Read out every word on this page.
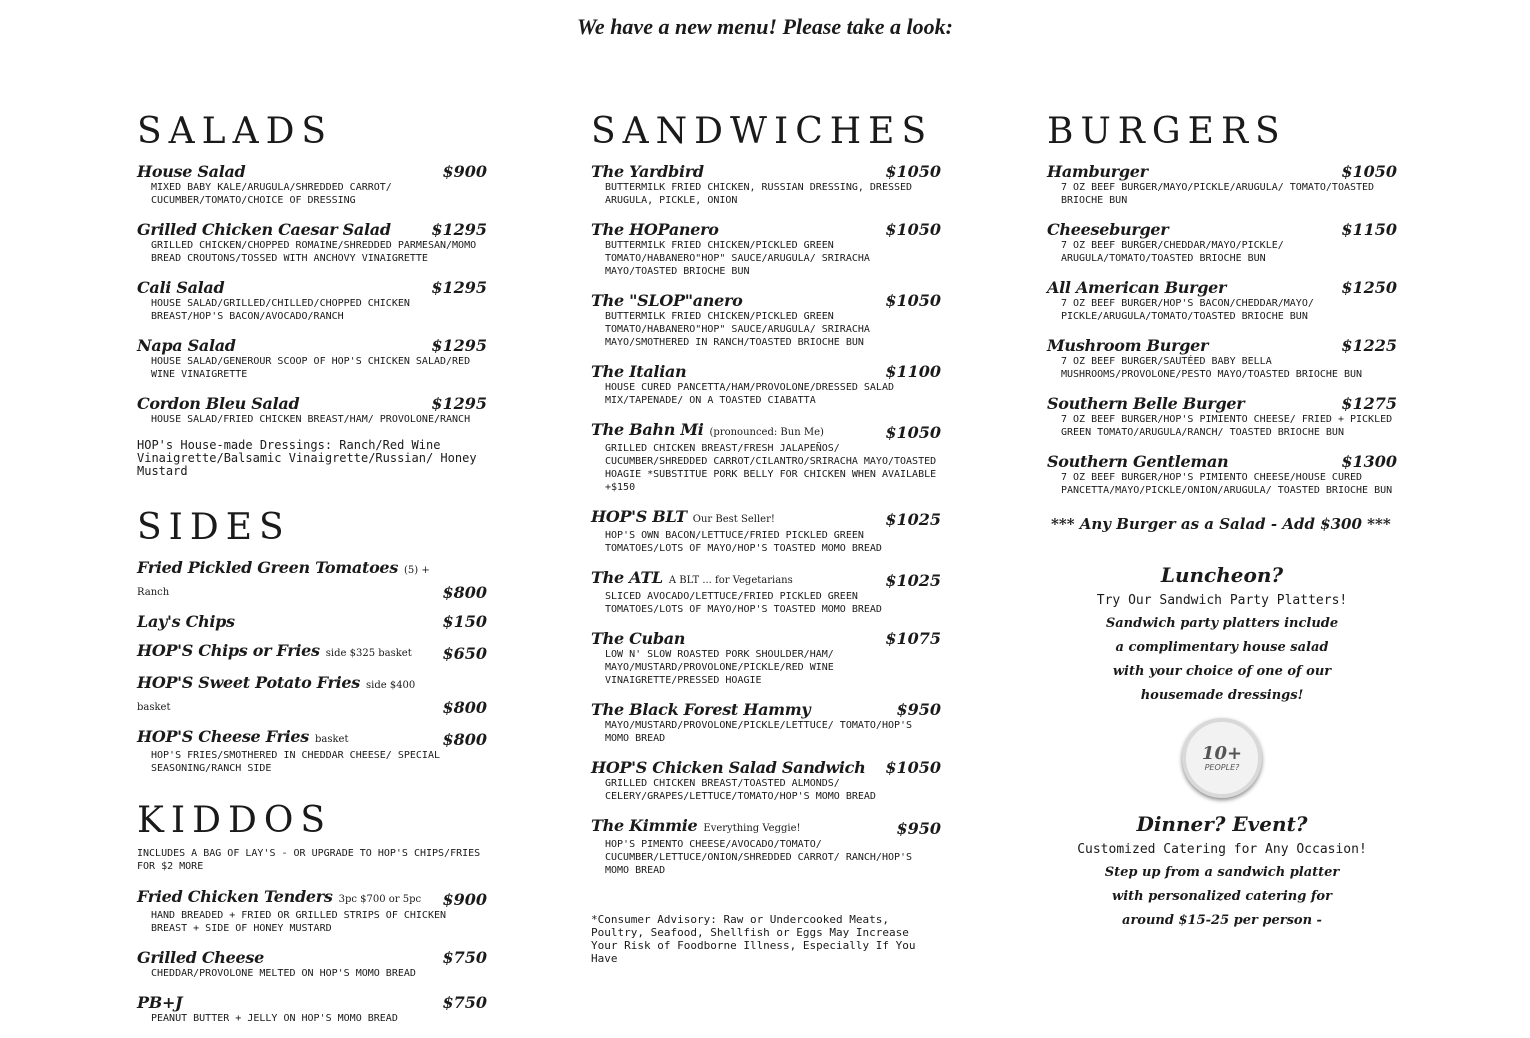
We have a new menu! Please take a look:
SALADS
House Salad	$900
MIXED BABY KALE/ARUGULA/SHREDDED CARROT/ CUCUMBER/TOMATO/CHOICE OF DRESSING
Grilled Chicken Caesar Salad	$1295
GRILLED CHICKEN/CHOPPED ROMAINE/SHREDDED PARMESAN/MOMO BREAD CROUTONS/TOSSED WITH ANCHOVY VINAIGRETTE
Cali Salad	$1295
HOUSE SALAD/GRILLED/CHILLED/CHOPPED CHICKEN BREAST/HOP'S BACON/AVOCADO/RANCH
Napa Salad	$1295
HOUSE SALAD/GENEROUR SCOOP OF HOP'S CHICKEN SALAD/RED WINE VINAIGRETTE
Cordon Bleu Salad	$1295
HOUSE SALAD/FRIED CHICKEN BREAST/HAM/ PROVOLONE/RANCH
HOP's House-made Dressings: Ranch/Red Wine Vinaigrette/Balsamic Vinaigrette/Russian/ Honey Mustard
SIDES
Fried Pickled Green Tomatoes (5) + Ranch	$800
Lay's Chips	$150
HOP'S Chips or Fries side $325 basket $650
HOP'S Sweet Potato Fries side $400 basket	$800
HOP'S Cheese Fries basket	$800
HOP'S FRIES/SMOTHERED IN CHEDDAR CHEESE/ SPECIAL SEASONING/RANCH SIDE
KIDDOS
INCLUDES A BAG OF LAY'S - OR UPGRADE TO HOP'S CHIPS/FRIES FOR $2 MORE
Fried Chicken Tenders 3pc $700 or 5pc $900
HAND BREADED + FRIED OR GRILLED STRIPS OF CHICKEN BREAST + SIDE OF HONEY MUSTARD
Grilled Cheese	$750
CHEDDAR/PROVOLONE MELTED ON HOP'S MOMO BREAD
PB+J	$750
PEANUT BUTTER + JELLY ON HOP'S MOMO BREAD
SANDWICHES
The Yardbird	$1050
BUTTERMILK FRIED CHICKEN, RUSSIAN DRESSING, DRESSED ARUGULA, PICKLE, ONION
The HOPanero	$1050
BUTTERMILK FRIED CHICKEN/PICKLED GREEN TOMATO/HABANERO"HOP" SAUCE/ARUGULA/ SRIRACHA MAYO/TOASTED BRIOCHE BUN
The "SLOP"anero	$1050
BUTTERMILK FRIED CHICKEN/PICKLED GREEN TOMATO/HABANERO"HOP" SAUCE/ARUGULA/ SRIRACHA MAYO/SMOTHERED IN RANCH/TOASTED BRIOCHE BUN
The Italian	$1100
HOUSE CURED PANCETTA/HAM/PROVOLONE/DRESSED SALAD MIX/TAPENADE/ ON A TOASTED CIABATTA
The Bahn Mi (pronounced: Bun Me)	$1050
GRILLED CHICKEN BREAST/FRESH JALAPEÑOS/ CUCUMBER/SHREDDED CARROT/CILANTRO/SRIRACHA MAYO/TOASTED HOAGIE *SUBSTITUE PORK BELLY FOR CHICKEN WHEN AVAILABLE +$150
HOP'S BLT Our Best Seller!	$1025
HOP'S OWN BACON/LETTUCE/FRIED PICKLED GREEN TOMATOES/LOTS OF MAYO/HOP'S TOASTED MOMO BREAD
The ATL A BLT ... for Vegetarians	$1025
SLICED AVOCADO/LETTUCE/FRIED PICKLED GREEN TOMATOES/LOTS OF MAYO/HOP'S TOASTED MOMO BREAD
The Cuban	$1075
LOW N' SLOW ROASTED PORK SHOULDER/HAM/ MAYO/MUSTARD/PROVOLONE/PICKLE/RED WINE VINAIGRETTE/PRESSED HOAGIE
The Black Forest Hammy	$950
MAYO/MUSTARD/PROVOLONE/PICKLE/LETTUCE/ TOMATO/HOP'S MOMO BREAD
HOP'S Chicken Salad Sandwich $1050
GRILLED CHICKEN BREAST/TOASTED ALMONDS/ CELERY/GRAPES/LETTUCE/TOMATO/HOP'S MOMO BREAD
The Kimmie Everything Veggie!	$950
HOP'S PIMENTO CHEESE/AVOCADO/TOMATO/ CUCUMBER/LETTUCE/ONION/SHREDDED CARROT/ RANCH/HOP'S MOMO BREAD
*Consumer Advisory: Raw or Undercooked Meats, Poultry, Seafood, Shellfish or Eggs May Increase Your Risk of Foodborne Illness, Especially If You Have
BURGERS
Hamburger	$1050
7 OZ BEEF BURGER/MAYO/PICKLE/ARUGULA/ TOMATO/TOASTED BRIOCHE BUN
Cheeseburger	$1150
7 OZ BEEF BURGER/CHEDDAR/MAYO/PICKLE/ ARUGULA/TOMATO/TOASTED BRIOCHE BUN
All American Burger	$1250
7 OZ BEEF BURGER/HOP'S BACON/CHEDDAR/MAYO/ PICKLE/ARUGULA/TOMATO/TOASTED BRIOCHE BUN
Mushroom Burger	$1225
7 OZ BEEF BURGER/SAUTÉED BABY BELLA MUSHROOMS/PROVOLONE/PESTO MAYO/TOASTED BRIOCHE BUN
Southern Belle Burger	$1275
7 OZ BEEF BURGER/HOP'S PIMIENTO CHEESE/ FRIED + PICKLED GREEN TOMATO/ARUGULA/RANCH/ TOASTED BRIOCHE BUN
Southern Gentleman	$1300
7 OZ BEEF BURGER/HOP'S PIMIENTO CHEESE/HOUSE CURED PANCETTA/MAYO/PICKLE/ONION/ARUGULA/ TOASTED BRIOCHE BUN
*** Any Burger as a Salad - Add $300 ***
Luncheon?
Try Our Sandwich Party Platters!
Sandwich party platters include
a complimentary house salad
with your choice of one of our
housemade dressings!
10+
PEOPLE?
Dinner? Event?
Customized Catering for Any Occasion!
Step up from a sandwich platter
with personalized catering for
around $15-25 per person -
